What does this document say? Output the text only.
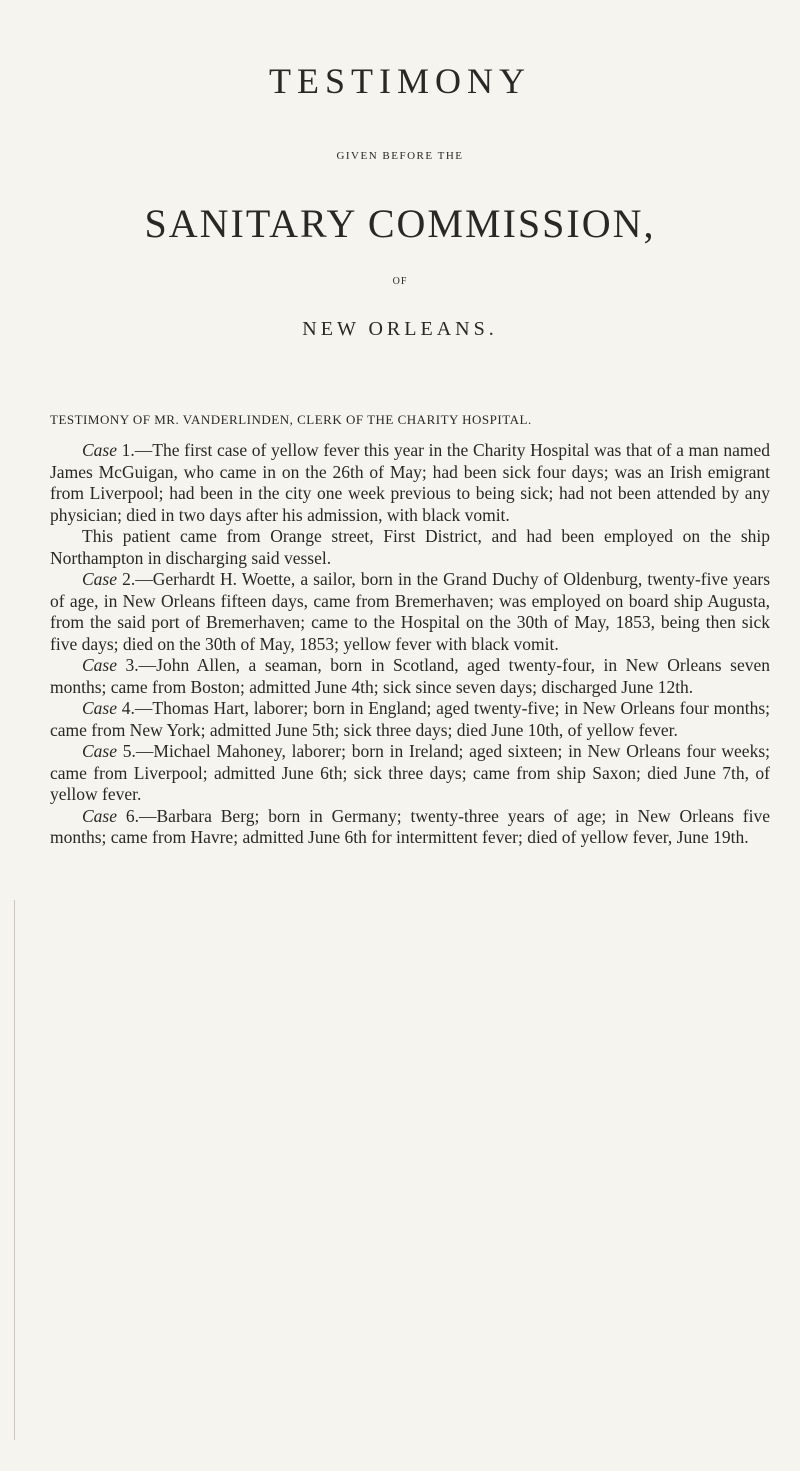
TESTIMONY
GIVEN BEFORE THE
SANITARY COMMISSION,
OF
NEW ORLEANS.
TESTIMONY OF MR. VANDERLINDEN, CLERK OF THE CHARITY HOSPITAL.

Case 1.—The first case of yellow fever this year in the Charity Hospital was that of a man named James McGuigan, who came in on the 26th of May; had been sick four days; was an Irish emigrant from Liverpool; had been in the city one week previous to being sick; had not been attended by any physician; died in two days after his admission, with black vomit.

This patient came from Orange street, First District, and had been employed on the ship Northampton in discharging said vessel.

Case 2.—Gerhardt H. Woette, a sailor, born in the Grand Duchy of Oldenburg, twenty-five years of age, in New Orleans fifteen days, came from Bremerhaven; was employed on board ship Augusta, from the said port of Bremerhaven; came to the Hospital on the 30th of May, 1853, being then sick five days; died on the 30th of May, 1853; yellow fever with black vomit.

Case 3.—John Allen, a seaman, born in Scotland, aged twenty-four, in New Orleans seven months; came from Boston; admitted June 4th; sick since seven days; discharged June 12th.

Case 4.—Thomas Hart, laborer; born in England; aged twenty-five; in New Orleans four months; came from New York; admitted June 5th; sick three days; died June 10th, of yellow fever.

Case 5.—Michael Mahoney, laborer; born in Ireland; aged sixteen; in New Orleans four weeks; came from Liverpool; admitted June 6th; sick three days; came from ship Saxon; died June 7th, of yellow fever.

Case 6.—Barbara Berg; born in Germany; twenty-three years of age; in New Orleans five months; came from Havre; admitted June 6th for intermittent fever; died of yellow fever, June 19th.
